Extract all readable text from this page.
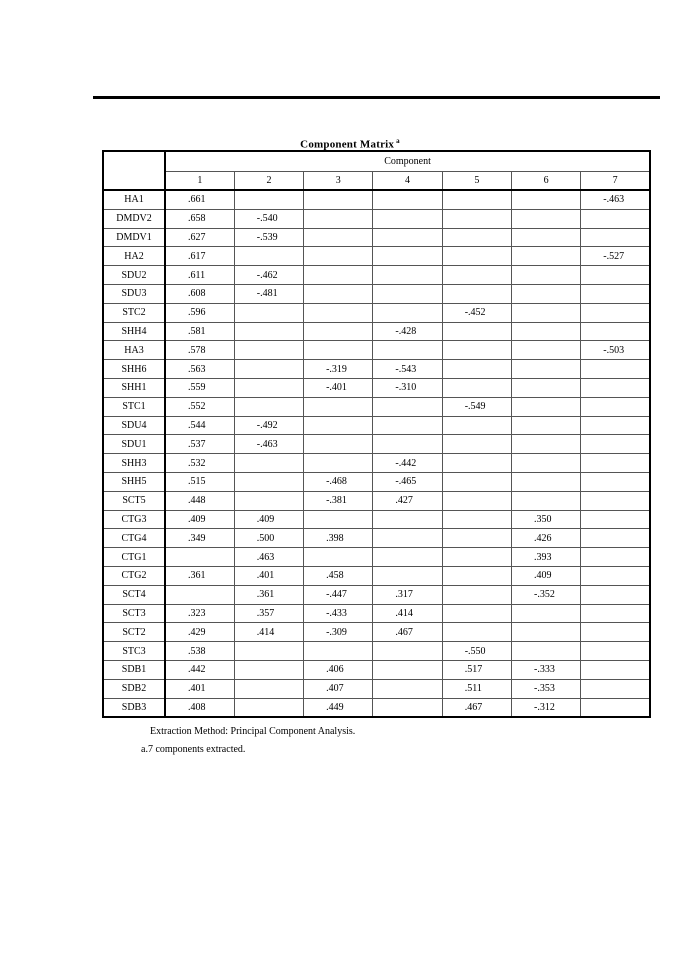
Component Matrix $^a$
	Component						
	1	2	3	4	5	6	7
HA1	.661						-.463
DMDV2	.658	-.540					
DMDV1	.627	-.539					
HA2	.617						-.527
SDU2	.611	-.462					
SDU3	.608	-.481					
STC2	.596				-.452		
SHH4	.581			-.428			
HA3	.578						-.503
SHH6	.563		-.319	-.543			
SHH1	.559		-.401	-.310			
STC1	.552				-.549		
SDU4	.544	-.492					
SDU1	.537	-.463					
SHH3	.532			-.442			
SHH5	.515		-.468	-.465			
SCT5	.448		-.381	.427			
CTG3	.409	.409				.350	
CTG4	.349	.500	.398			.426	
CTG1		.463				.393	
CTG2	.361	.401	.458			.409	
SCT4		.361	-.447	.317		-.352	
SCT3	.323	.357	-.433	.414			
SCT2	.429	.414	-.309	.467			
STC3	.538				-.550		
SDB1	.442		.406		.517	-.333	
SDB2	.401		.407		.511	-.353	
SDB3	.408		.449		.467	-.312	
Extraction Method: Principal Component Analysis.
a.7 components extracted.
